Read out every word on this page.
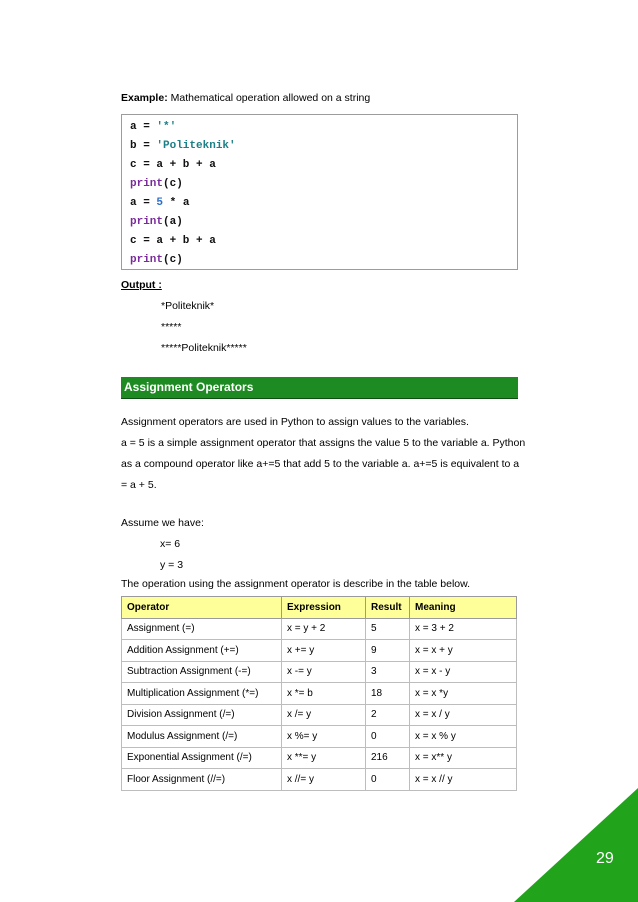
Example: Mathematical operation allowed on a string
a = '*'
b = 'Politeknik'
c = a + b + a
print(c)
a = 5 * a
print(a)
c = a + b + a
print(c)
Output :
*Politeknik*
*****
*****Politeknik*****
Assignment Operators
Assignment operators are used in Python to assign values to the variables.
a = 5 is a simple assignment operator that assigns the value 5 to the variable a. Python
as a compound operator like a+=5 that add 5 to the variable a. a+=5 is equivalent to a
= a + 5.
Assume we have:
x= 6
y = 3
The operation using the assignment operator is describe in the table below.
Operator	Expression	Result	Meaning
Assignment (=)	x = y + 2	5	x = 3 + 2
Addition Assignment (+=)	x += y	9	x = x + y
Subtraction Assignment (-=)	x -= y	3	x = x - y
Multiplication Assignment (*=)	x *= b	18	x = x *y
Division Assignment (/=)	x /= y	2	x = x / y
Modulus Assignment (/=)	x %= y	0	x = x % y
Exponential Assignment (/=)	x **= y	216	x = x** y
Floor Assignment (//=)	x //= y	0	x = x // y
29
